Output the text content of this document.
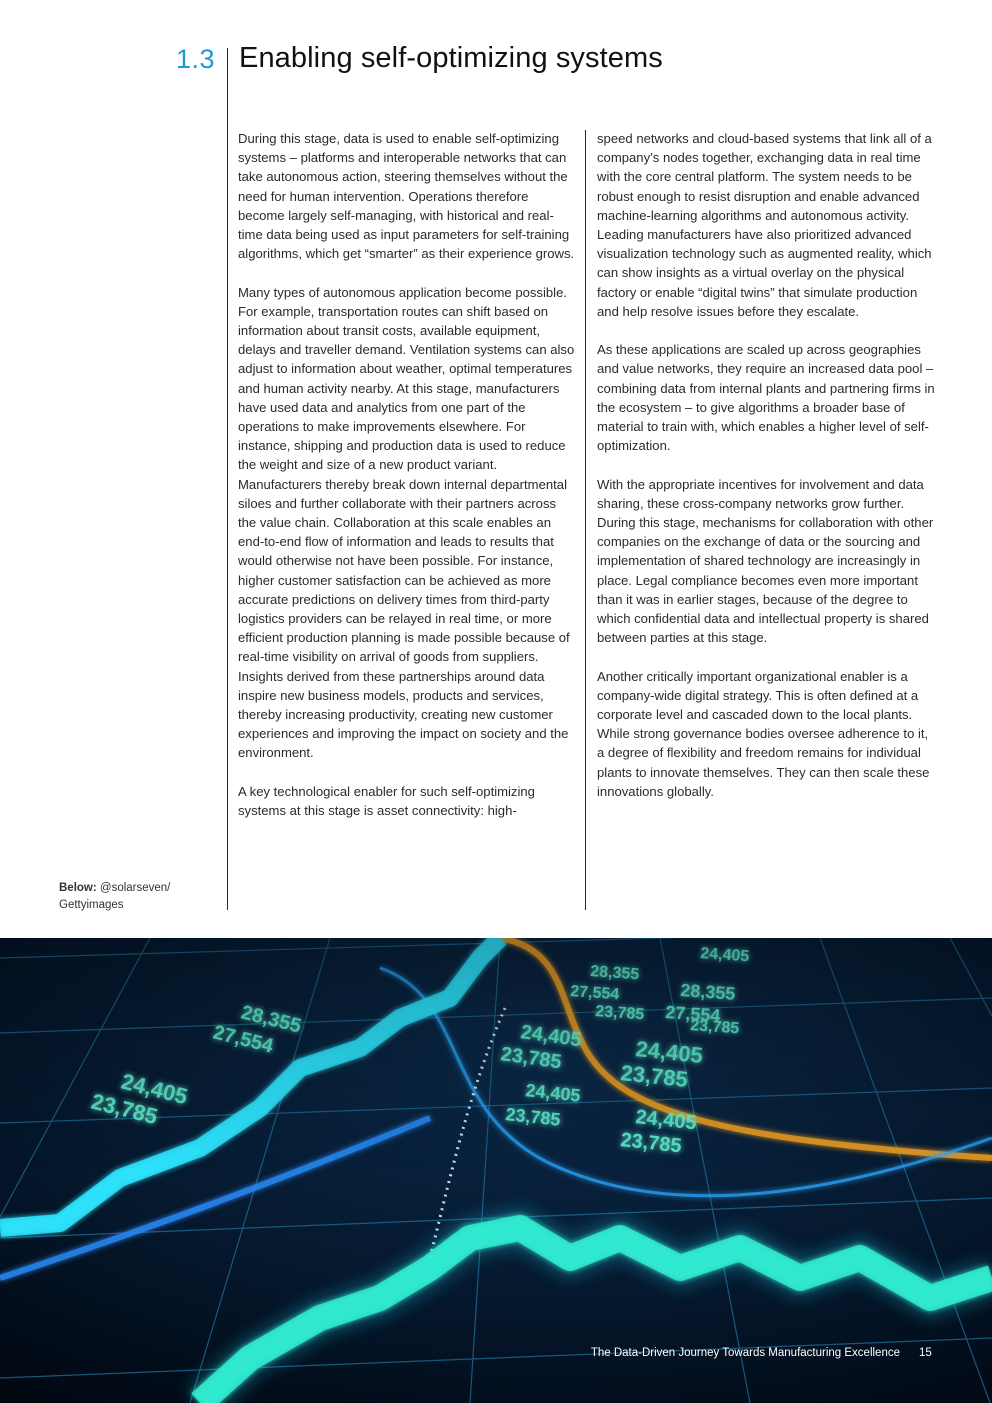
1.3 Enabling self-optimizing systems

During this stage, data is used to enable self-optimizing systems – platforms and interoperable networks that can take autonomous action, steering themselves without the need for human intervention. Operations therefore become largely self-managing, with historical and real-time data being used as input parameters for self-training algorithms, which get “smarter” as their experience grows.

Many types of autonomous application become possible. For example, transportation routes can shift based on information about transit costs, available equipment, delays and traveller demand. Ventilation systems can also adjust to information about weather, optimal temperatures and human activity nearby. At this stage, manufacturers have used data and analytics from one part of the operations to make improvements elsewhere. For instance, shipping and production data is used to reduce the weight and size of a new product variant. Manufacturers thereby break down internal departmental siloes and further collaborate with their partners across the value chain. Collaboration at this scale enables an end-to-end flow of information and leads to results that would otherwise not have been possible. For instance, higher customer satisfaction can be achieved as more accurate predictions on delivery times from third-party logistics providers can be relayed in real time, or more efficient production planning is made possible because of real-time visibility on arrival of goods from suppliers. Insights derived from these partnerships around data inspire new business models, products and services, thereby increasing productivity, creating new customer experiences and improving the impact on society and the environment.

A key technological enabler for such self-optimizing systems at this stage is asset connectivity: high-

speed networks and cloud-based systems that link all of a company’s nodes together, exchanging data in real time with the core central platform. The system needs to be robust enough to resist disruption and enable advanced machine-learning algorithms and autonomous activity. Leading manufacturers have also prioritized advanced visualization technology such as augmented reality, which can show insights as a virtual overlay on the physical factory or enable “digital twins” that simulate production and help resolve issues before they escalate.

As these applications are scaled up across geographies and value networks, they require an increased data pool – combining data from internal plants and partnering firms in the ecosystem – to give algorithms a broader base of material to train with, which enables a higher level of self-optimization.

With the appropriate incentives for involvement and data sharing, these cross-company networks grow further. During this stage, mechanisms for collaboration with other companies on the exchange of data or the sourcing and implementation of shared technology are increasingly in place. Legal compliance becomes even more important than it was in earlier stages, because of the degree to which confidential data and intellectual property is shared between parties at this stage.

Another critically important organizational enabler is a company-wide digital strategy. This is often defined at a corporate level and cascaded down to the local plants. While strong governance bodies oversee adherence to it, a degree of flexibility and freedom remains for individual plants to innovate themselves. They can then scale these innovations globally.

Below: @solarseven/ Gettyimages
The Data-Driven Journey Towards Manufacturing Excellence 15
